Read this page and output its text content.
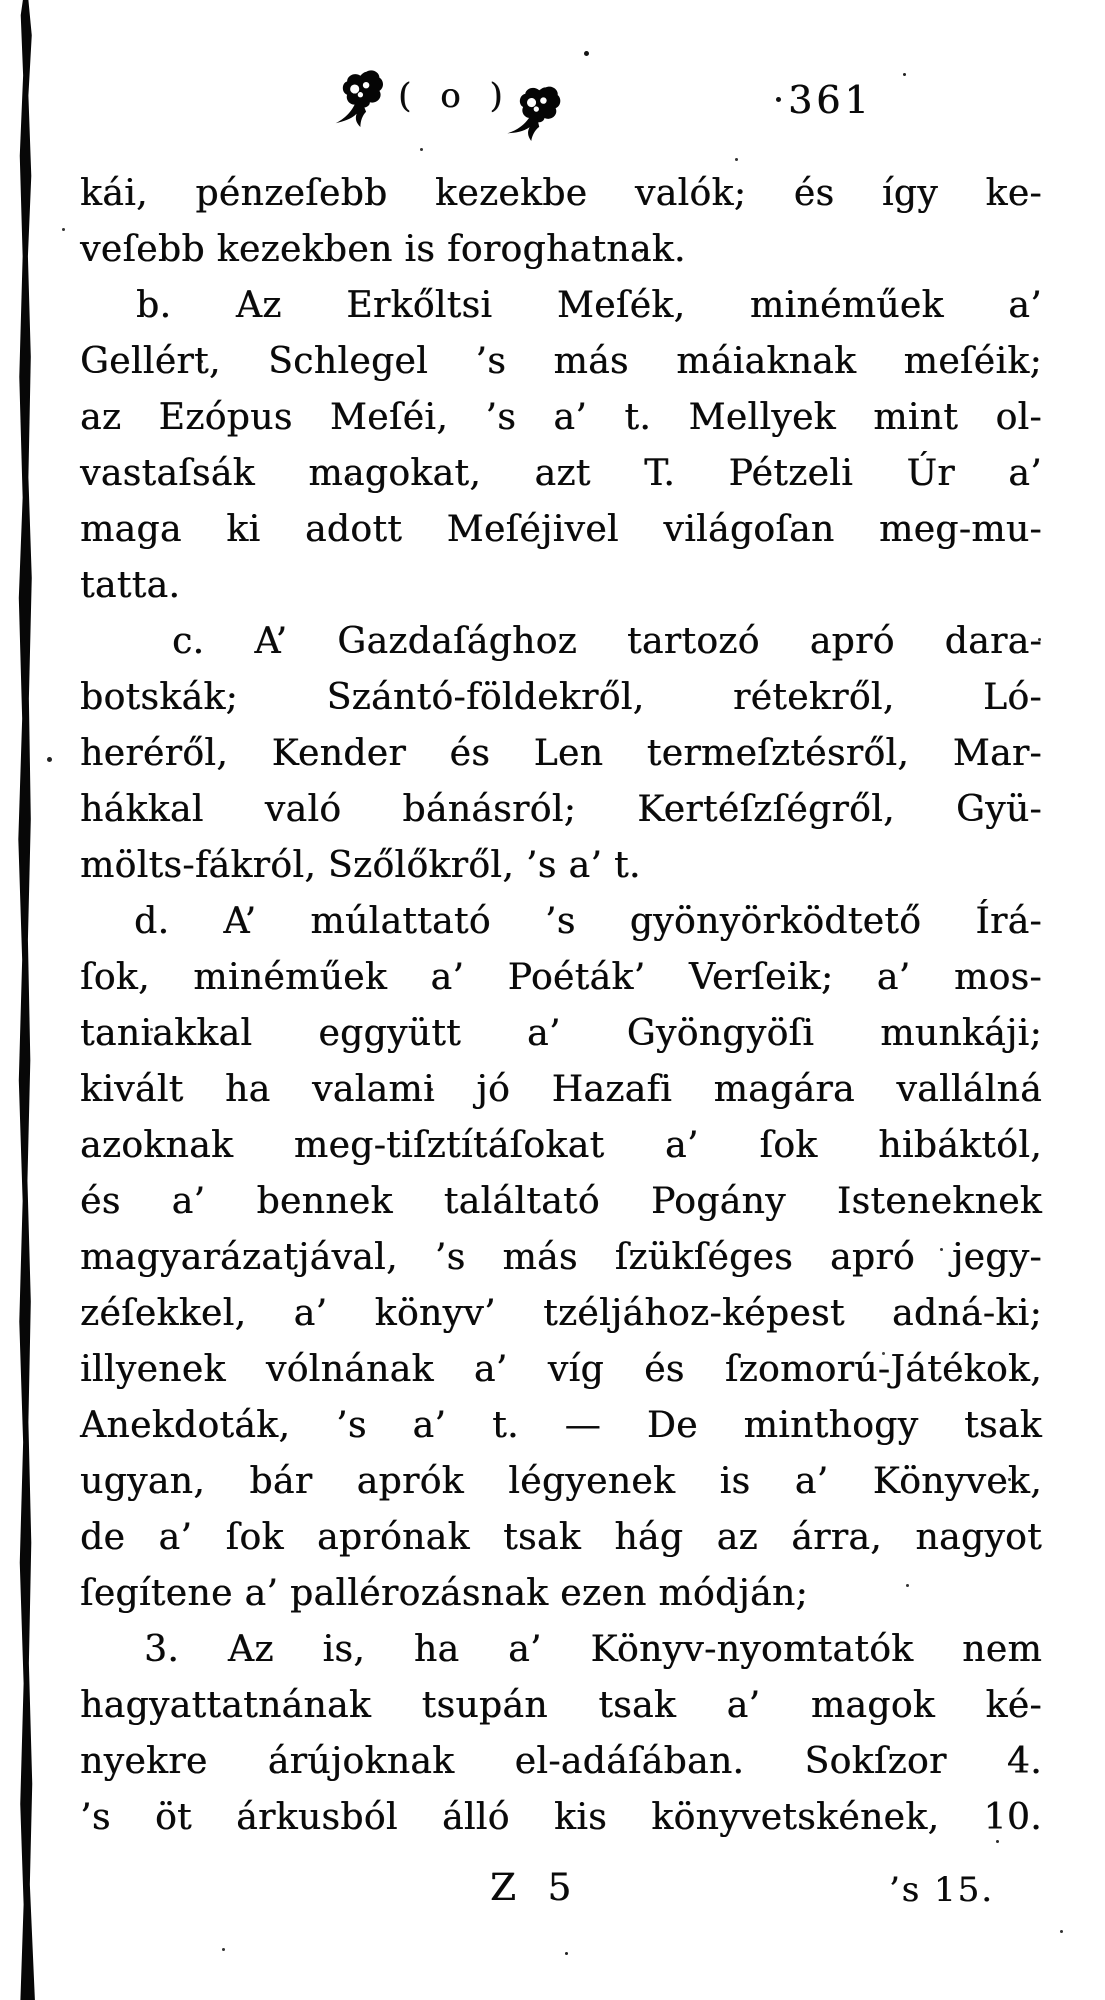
( o )	361
kái, pénzeſebb kezekbe valók; és így ke-
veſebb kezekben is foroghatnak.
b. Az Erkőltsi Meſék, minéműek a’
Gellért, Schlegel ’s más máiaknak meſéik;
az Ezópus Meſéi, ’s a’ t. Mellyek mint ol-
vastaſsák magokat, azt T. Pétzeli Úr a’
maga ki adott Meſéjivel világoſan meg-mu-
tatta.
c. A’ Gazdaſághoz tartozó apró dara-
botskák; Szántó-földekről, rétekről, Ló-
heréről, Kender és Len termeſztésről, Mar-
hákkal való bánásról; Kertéſzſégről, Gyü-
mölts-fákról, Szőlőkről, ’s a’ t.
d. A’ múlattató ’s gyönyörködtető Írá-
ſok, minéműek a’ Poéták’ Verſeik; a’ mos-
taniakkal eggyütt a’ Gyöngyöſi munkáji;
kivált ha valami jó Hazafi magára vallálná
azoknak meg-tiſztítáſokat a’ ſok hibáktól,
és a’ bennek találtató Pogány Isteneknek
magyarázatjával, ’s más ſzükſéges apró jegy-
zéſekkel, a’ könyv’ tzéljához-képest adná-ki;
illyenek vólnának a’ víg és ſzomorú-Játékok,
Anekdoták, ’s a’ t. — De minthogy tsak
ugyan, bár aprók légyenek is a’ Könyvek,
de a’ ſok aprónak tsak hág az árra, nagyot
ſegítene a’ pallérozásnak ezen módján;
3. Az is, ha a’ Könyv-nyomtatók nem
hagyattatnának tsupán tsak a’ magok ké-
nyekre árújoknak el-adáſában. Sokſzor 4.
’s öt árkusból álló kis könyvetskének, 10.
Z 5	’s 15.
